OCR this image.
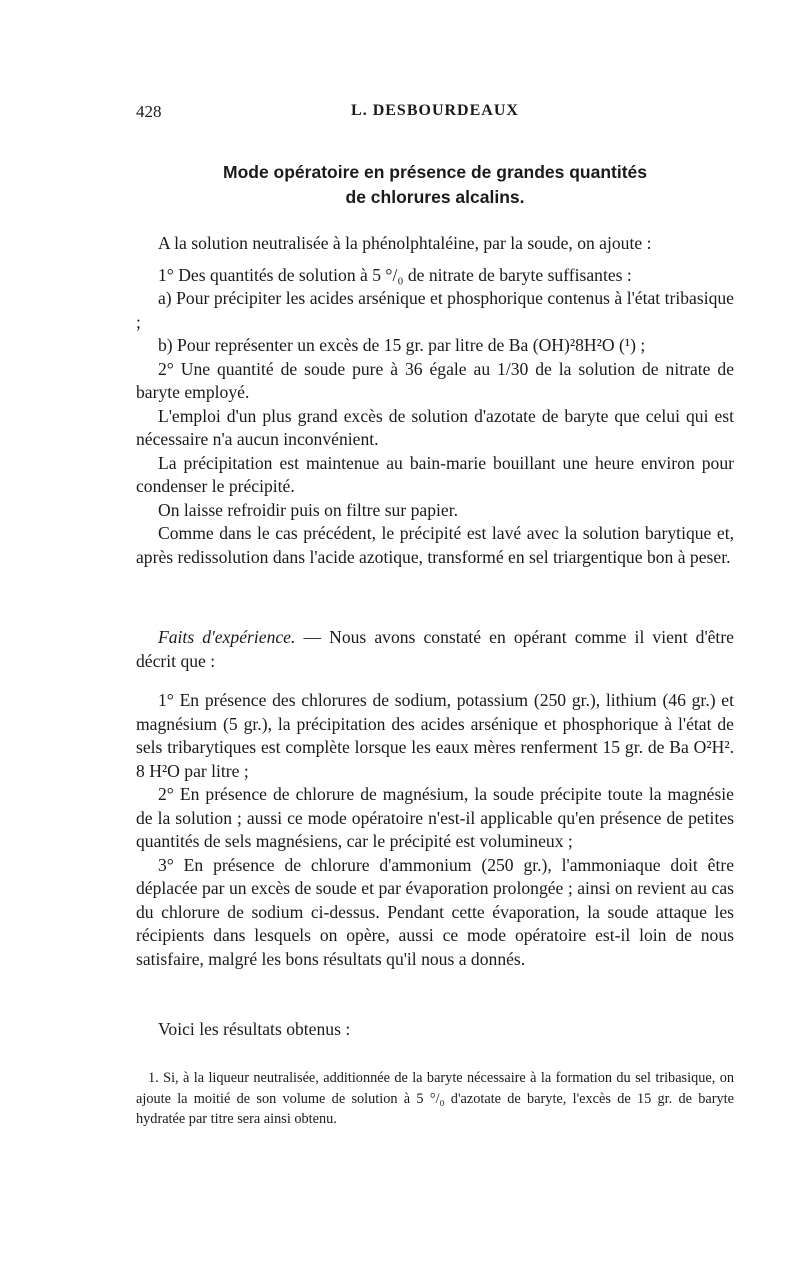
428	L. DESBOURDEAUX
Mode opératoire en présence de grandes quantités
de chlorures alcalins.

A la solution neutralisée à la phénolphtaléine, par la soude, on ajoute :

1° Des quantités de solution à 5 °/₀ de nitrate de baryte suffisantes :

a) Pour précipiter les acides arsénique et phosphorique contenus à l'état tribasique ;

b) Pour représenter un excès de 15 gr. par litre de Ba (OH)²8H²O (¹) ;

2° Une quantité de soude pure à 36 égale au 1/30 de la solution de nitrate de baryte employé.

L'emploi d'un plus grand excès de solution d'azotate de baryte que celui qui est nécessaire n'a aucun inconvénient.

La précipitation est maintenue au bain-marie bouillant une heure environ pour condenser le précipité.

On laisse refroidir puis on filtre sur papier.

Comme dans le cas précédent, le précipité est lavé avec la solution barytique et, après redissolution dans l'acide azotique, transformé en sel triargentique bon à peser.

Faits d'expérience. — Nous avons constaté en opérant comme il vient d'être décrit que :

1° En présence des chlorures de sodium, potassium (250 gr.), lithium (46 gr.) et magnésium (5 gr.), la précipitation des acides arsénique et phosphorique à l'état de sels tribarytiques est complète lorsque les eaux mères renferment 15 gr. de Ba O²H². 8 H²O par litre ;

2° En présence de chlorure de magnésium, la soude précipite toute la magnésie de la solution ; aussi ce mode opératoire n'est-il applicable qu'en présence de petites quantités de sels magnésiens, car le précipité est volumineux ;

3° En présence de chlorure d'ammonium (250 gr.), l'ammoniaque doit être déplacée par un excès de soude et par évaporation prolongée ; ainsi on revient au cas du chlorure de sodium ci-dessus. Pendant cette évaporation, la soude attaque les récipients dans lesquels on opère, aussi ce mode opératoire est-il loin de nous satisfaire, malgré les bons résultats qu'il nous a donnés.

Voici les résultats obtenus :

1. Si, à la liqueur neutralisée, additionnée de la baryte nécessaire à la formation du sel tribasique, on ajoute la moitié de son volume de solution à 5 °/₀ d'azotate de baryte, l'excès de 15 gr. de baryte hydratée par titre sera ainsi obtenu.
